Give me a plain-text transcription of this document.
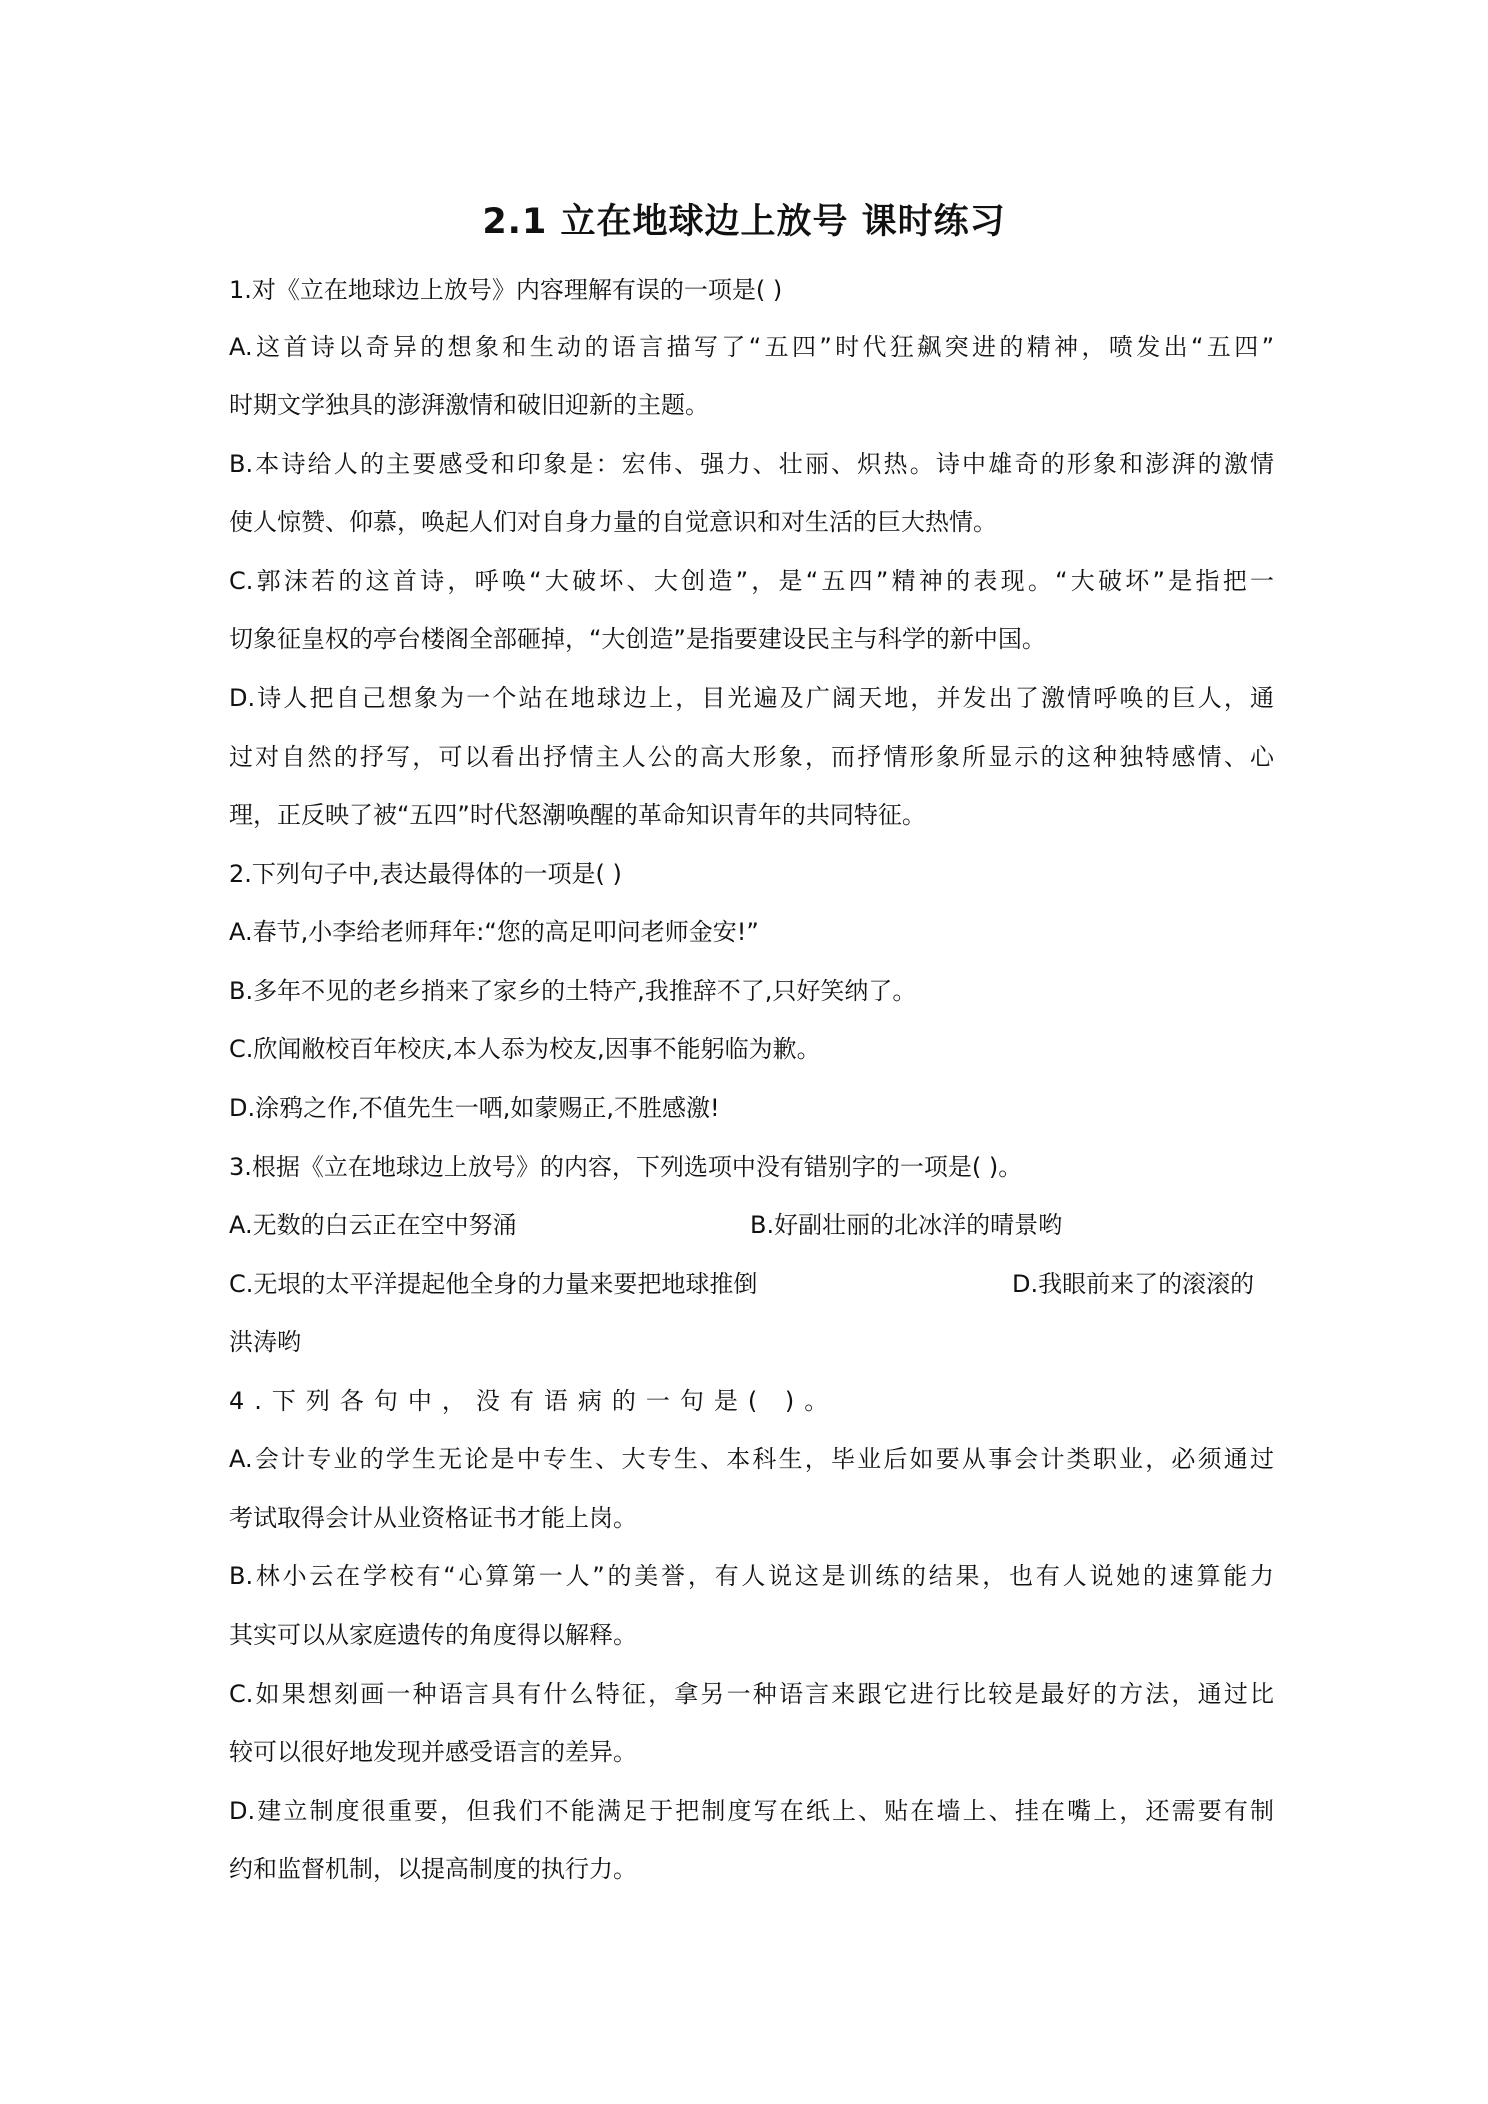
2.1 立在地球边上放号 课时练习
1.对《立在地球边上放号》内容理解有误的一项是( )
A.这首诗以奇异的想象和生动的语言描写了“五四”时代狂飙突进的精神，喷发出“五四”
时期文学独具的澎湃激情和破旧迎新的主题。
B.本诗给人的主要感受和印象是：宏伟、强力、壮丽、炽热。诗中雄奇的形象和澎湃的激情
使人惊赞、仰慕，唤起人们对自身力量的自觉意识和对生活的巨大热情。
C.郭沫若的这首诗，呼唤“大破坏、大创造”，是“五四”精神的表现。“大破坏”是指把一
切象征皇权的亭台楼阁全部砸掉，“大创造”是指要建设民主与科学的新中国。
D.诗人把自己想象为一个站在地球边上，目光遍及广阔天地，并发出了激情呼唤的巨人，通
过对自然的抒写，可以看出抒情主人公的高大形象，而抒情形象所显示的这种独特感情、心
理，正反映了被“五四”时代怒潮唤醒的革命知识青年的共同特征。
2.下列句子中,表达最得体的一项是( )
A.春节,小李给老师拜年:“您的高足叩问老师金安!”
B.多年不见的老乡捎来了家乡的土特产,我推辞不了,只好笑纳了。
C.欣闻敝校百年校庆,本人忝为校友,因事不能躬临为歉。
D.涂鸦之作,不值先生一哂,如蒙赐正,不胜感激!
3.根据《立在地球边上放号》的内容，下列选项中没有错别字的一项是( )。
A.无数的白云正在空中努涌	B.好副壮丽的北冰洋的晴景哟
C.无垠的太平洋提起他全身的力量来要把地球推倒	D.我眼前来了的滚滚的
洪涛哟
4.下列各句中，没有语病的一句是( )。
A.会计专业的学生无论是中专生、大专生、本科生，毕业后如要从事会计类职业，必须通过
考试取得会计从业资格证书才能上岗。
B.林小云在学校有“心算第一人”的美誉，有人说这是训练的结果，也有人说她的速算能力
其实可以从家庭遗传的角度得以解释。
C.如果想刻画一种语言具有什么特征，拿另一种语言来跟它进行比较是最好的方法，通过比
较可以很好地发现并感受语言的差异。
D.建立制度很重要，但我们不能满足于把制度写在纸上、贴在墙上、挂在嘴上，还需要有制
约和监督机制，以提高制度的执行力。
